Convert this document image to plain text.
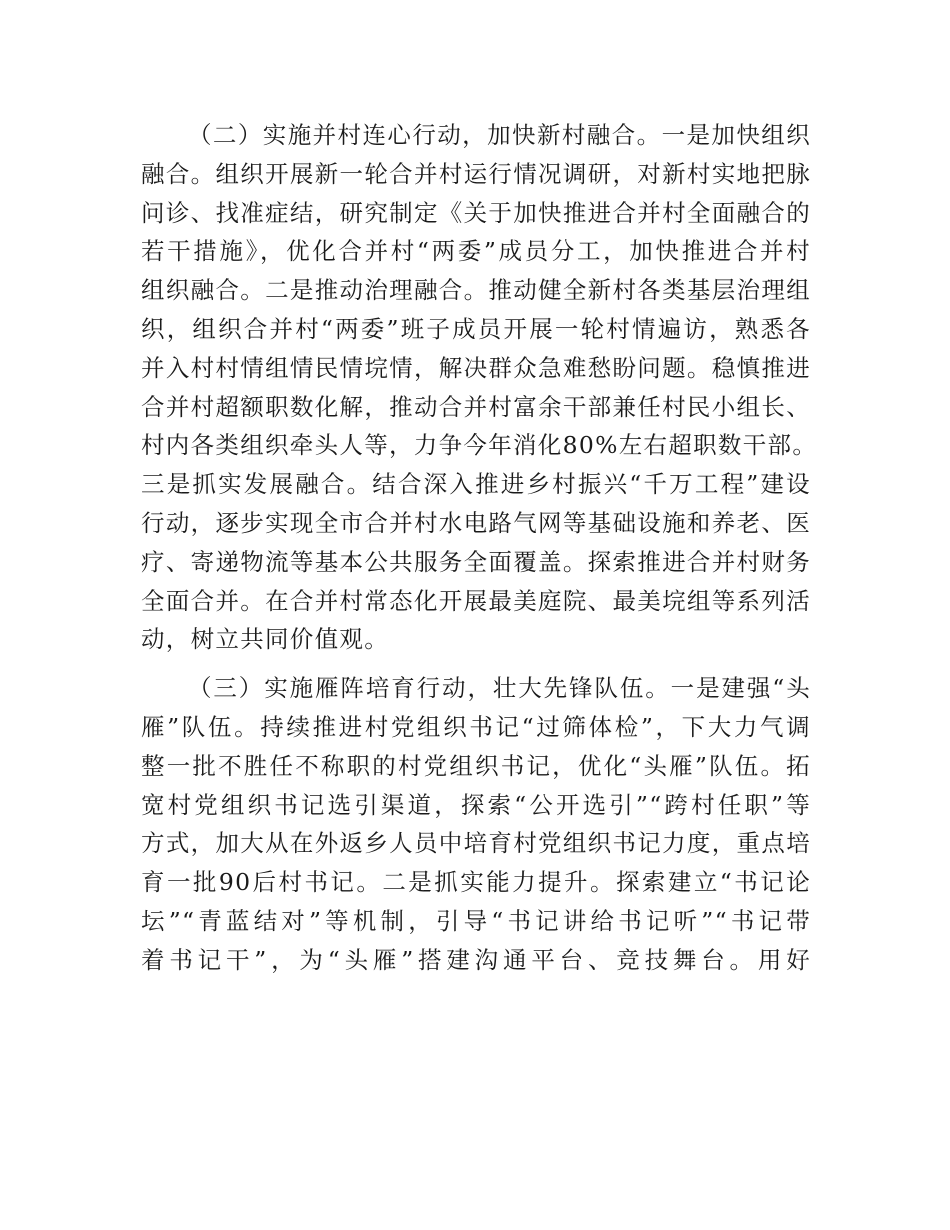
（二）实施并村连心行动，加快新村融合。一是加快组织
融合。组织开展新一轮合并村运行情况调研，对新村实地把脉
问诊、找准症结，研究制定《关于加快推进合并村全面融合的
若干措施》，优化合并村“两委”成员分工，加快推进合并村
组织融合。二是推动治理融合。推动健全新村各类基层治理组
织，组织合并村“两委”班子成员开展一轮村情遍访，熟悉各
并入村村情组情民情垸情，解决群众急难愁盼问题。稳慎推进
合并村超额职数化解，推动合并村富余干部兼任村民小组长、
村内各类组织牵头人等，力争今年消化80%左右超职数干部。
三是抓实发展融合。结合深入推进乡村振兴“千万工程”建设
行动，逐步实现全市合并村水电路气网等基础设施和养老、医
疗、寄递物流等基本公共服务全面覆盖。探索推进合并村财务
全面合并。在合并村常态化开展最美庭院、最美垸组等系列活
动，树立共同价值观。
（三）实施雁阵培育行动，壮大先锋队伍。一是建强“头
雁”队伍。持续推进村党组织书记“过筛体检”，下大力气调
整一批不胜任不称职的村党组织书记，优化“头雁”队伍。拓
宽村党组织书记选引渠道，探索“公开选引”“跨村任职”等
方式，加大从在外返乡人员中培育村党组织书记力度，重点培
育一批90后村书记。二是抓实能力提升。探索建立“书记论
坛”“青蓝结对”等机制，引导“书记讲给书记听”“书记带
着书记干”，为“头雁”搭建沟通平台、竞技舞台。用好
